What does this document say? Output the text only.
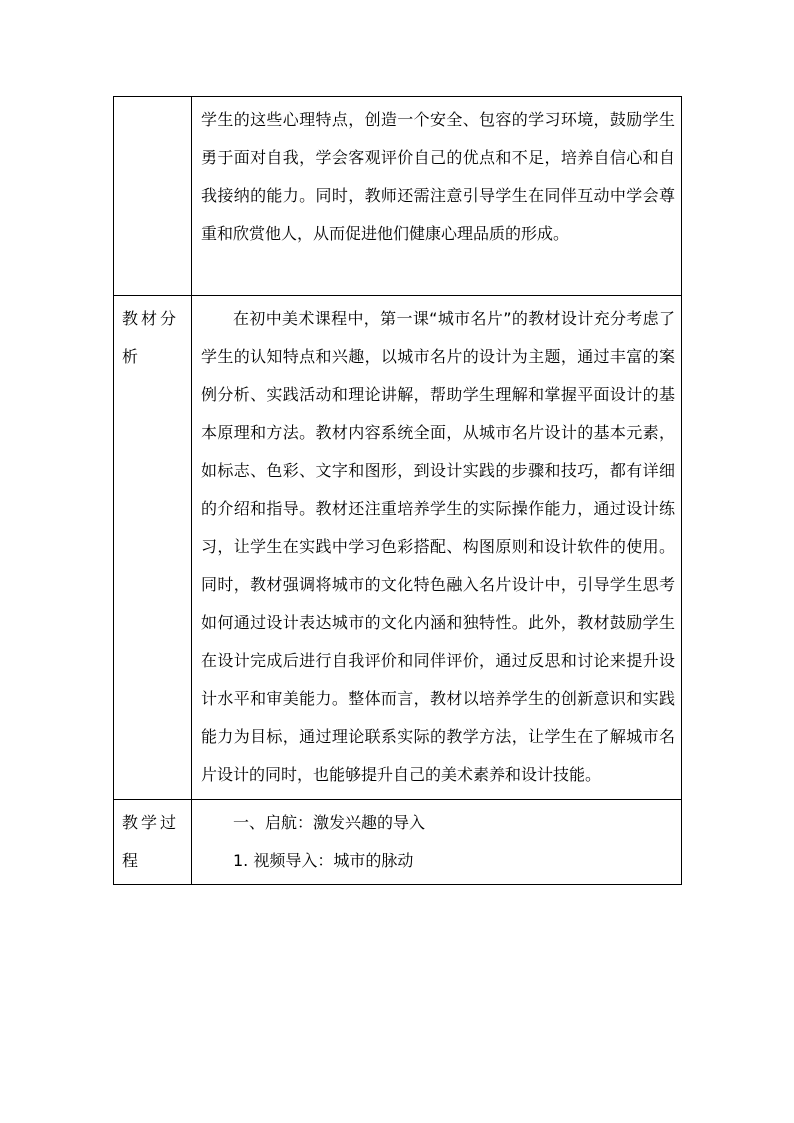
	学生的这些心理特点，创造一个安全、包容的学习环境，鼓励学生勇于面对自我，学会客观评价自己的优点和不足，培养自信心和自我接纳的能力。同时，教师还需注意引导学生在同伴互动中学会尊重和欣赏他人，从而促进他们健康心理品质的形成。

教材分析	在初中美术课程中，第一课“城市名片”的教材设计充分考虑了学生的认知特点和兴趣，以城市名片的设计为主题，通过丰富的案例分析、实践活动和理论讲解，帮助学生理解和掌握平面设计的基本原理和方法。教材内容系统全面，从城市名片设计的基本元素，如标志、色彩、文字和图形，到设计实践的步骤和技巧，都有详细的介绍和指导。教材还注重培养学生的实际操作能力，通过设计练习，让学生在实践中学习色彩搭配、构图原则和设计软件的使用。同时，教材强调将城市的文化特色融入名片设计中，引导学生思考如何通过设计表达城市的文化内涵和独特性。此外，教材鼓励学生在设计完成后进行自我评价和同伴评价，通过反思和讨论来提升设计水平和审美能力。整体而言，教材以培养学生的创新意识和实践能力为目标，通过理论联系实际的教学方法，让学生在了解城市名片设计的同时，也能够提升自己的美术素养和设计技能。

教学过程	一、启航：激发兴趣的导入

1. 视频导入：城市的脉动
